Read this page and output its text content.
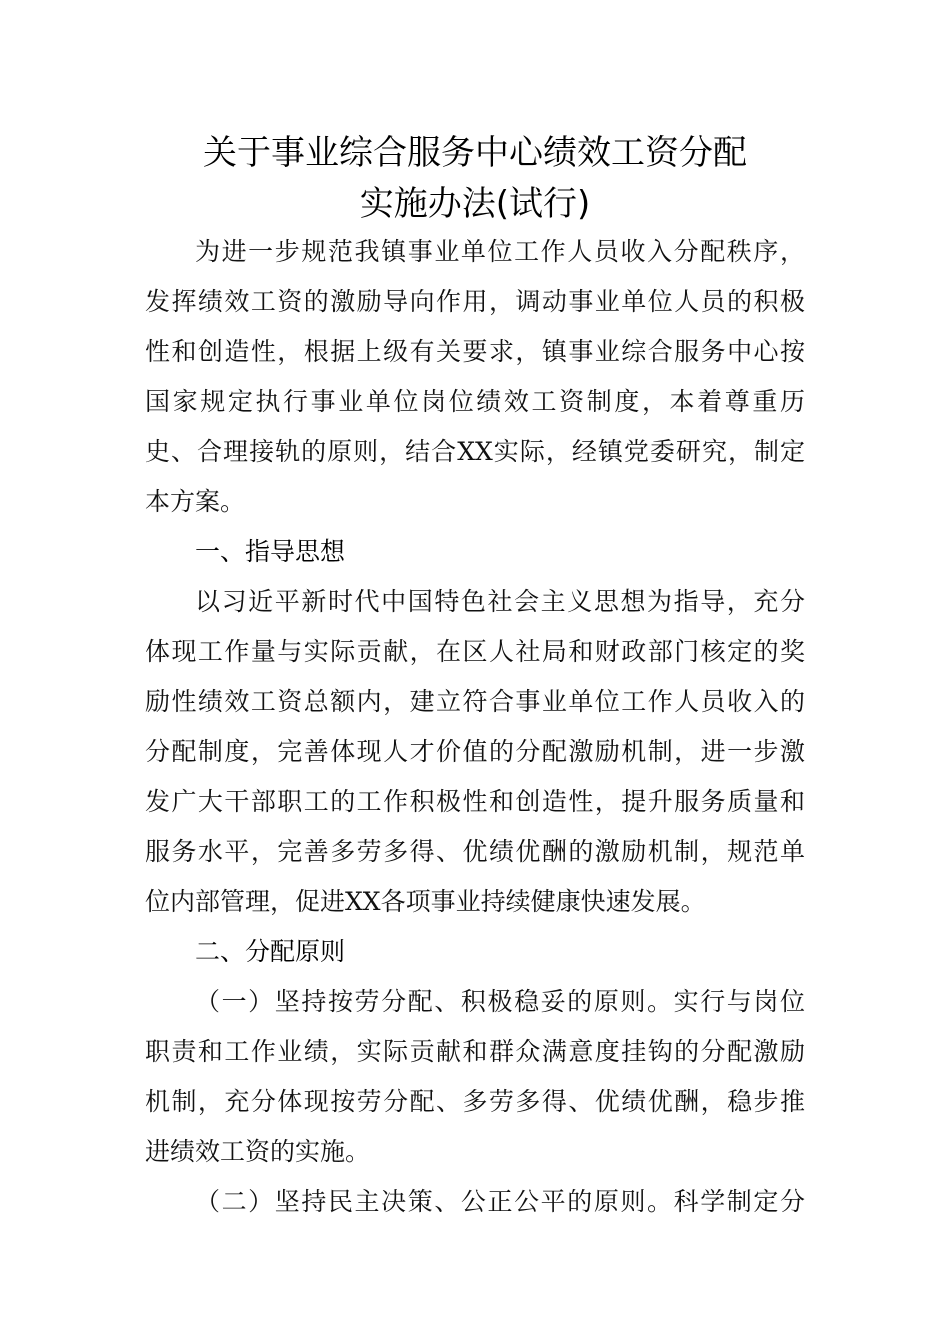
关于事业综合服务中心绩效工资分配
实施办法(试行)
为进一步规范我镇事业单位工作人员收入分配秩序，
发挥绩效工资的激励导向作用，调动事业单位人员的积极
性和创造性，根据上级有关要求，镇事业综合服务中心按
国家规定执行事业单位岗位绩效工资制度，本着尊重历
史、合理接轨的原则，结合XX实际，经镇党委研究，制定
本方案。
一、指导思想
以习近平新时代中国特色社会主义思想为指导，充分
体现工作量与实际贡献，在区人社局和财政部门核定的奖
励性绩效工资总额内，建立符合事业单位工作人员收入的
分配制度，完善体现人才价值的分配激励机制，进一步激
发广大干部职工的工作积极性和创造性，提升服务质量和
服务水平，完善多劳多得、优绩优酬的激励机制，规范单
位内部管理，促进XX各项事业持续健康快速发展。
二、分配原则
（一）坚持按劳分配、积极稳妥的原则。实行与岗位
职责和工作业绩，实际贡献和群众满意度挂钩的分配激励
机制，充分体现按劳分配、多劳多得、优绩优酬，稳步推
进绩效工资的实施。
（二）坚持民主决策、公正公平的原则。科学制定分
